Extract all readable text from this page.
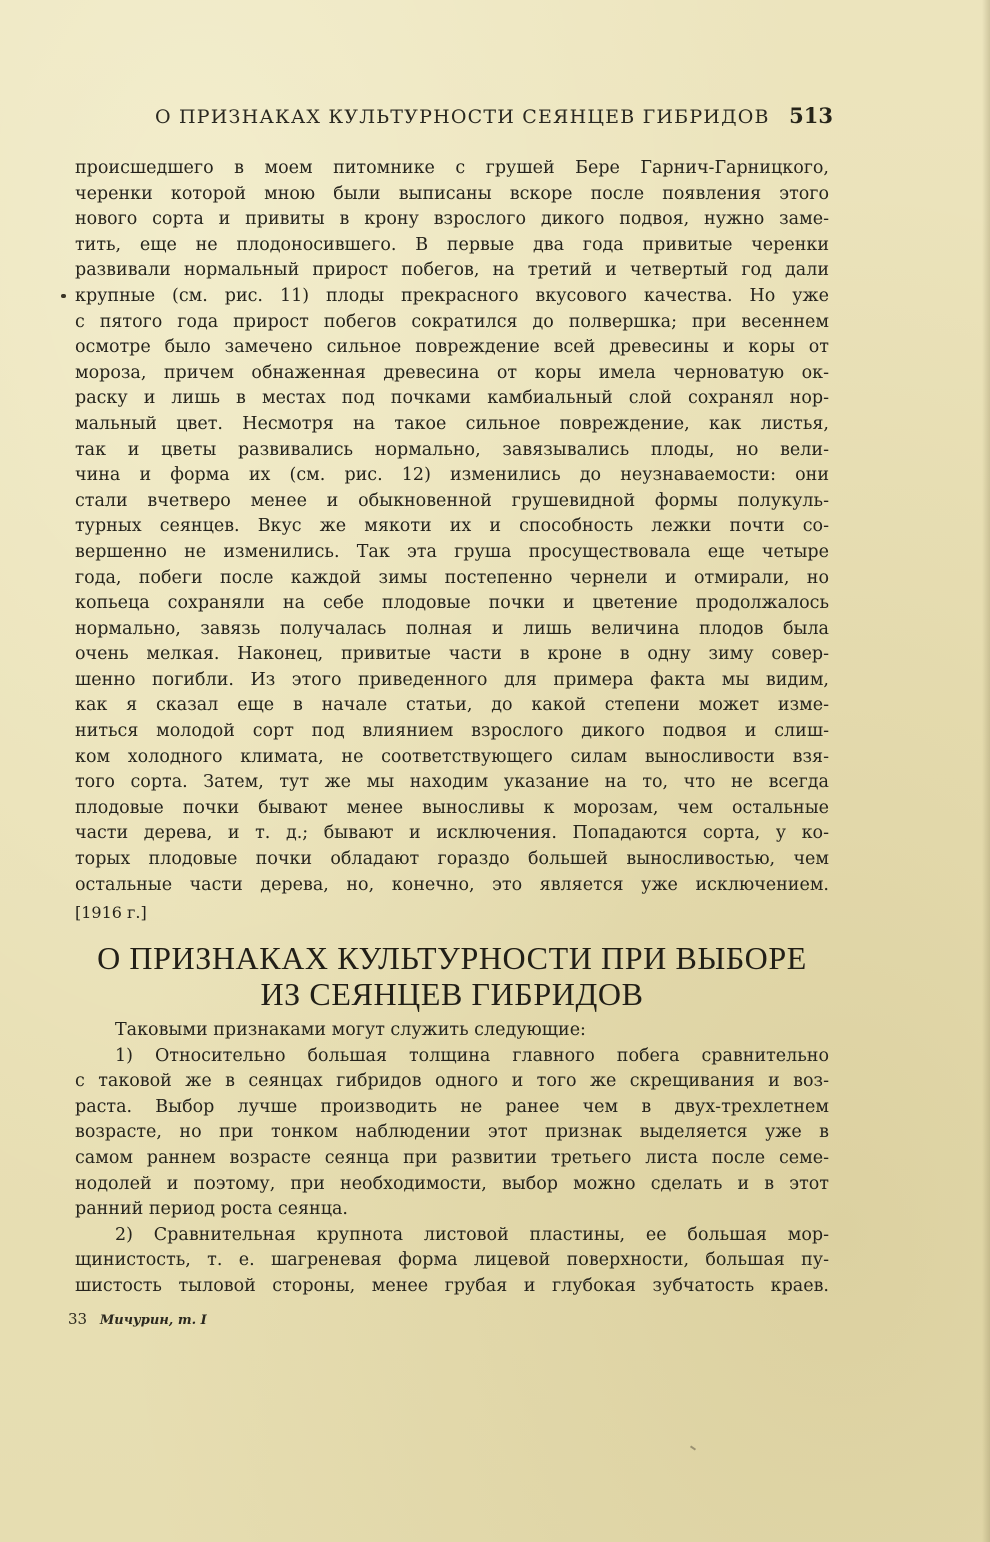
О ПРИЗНАКАХ КУЛЬТУРНОСТИ СЕЯНЦЕВ ГИБРИДОВ 513
происшедшего в моем питомнике с грушей Бере Гарнич-Гарницкого,
черенки которой мною были выписаны вскоре после появления этого
нового сорта и привиты в крону взрослого дикого подвоя, нужно заме-
тить, еще не плодоносившего. В первые два года привитые черенки
развивали нормальный прирост побегов, на третий и четвертый год дали
крупные (см. рис. 11) плоды прекрасного вкусового качества. Но уже
с пятого года прирост побегов сократился до полвершка; при весеннем
осмотре было замечено сильное повреждение всей древесины и коры от
мороза, причем обнаженная древесина от коры имела черноватую ок-
раску и лишь в местах под почками камбиальный слой сохранял нор-
мальный цвет. Несмотря на такое сильное повреждение, как листья,
так и цветы развивались нормально, завязывались плоды, но вели-
чина и форма их (см. рис. 12) изменились до неузнаваемости: они
стали вчетверо менее и обыкновенной грушевидной формы полукуль-
турных сеянцев. Вкус же мякоти их и способность лежки почти со-
вершенно не изменились. Так эта груша просуществовала еще четыре
года, побеги после каждой зимы постепенно чернели и отмирали, но
копьеца сохраняли на себе плодовые почки и цветение продолжалось
нормально, завязь получалась полная и лишь величина плодов была
очень мелкая. Наконец, привитые части в кроне в одну зиму совер-
шенно погибли. Из этого приведенного для примера факта мы видим,
как я сказал еще в начале статьи, до какой степени может изме-
ниться молодой сорт под влиянием взрослого дикого подвоя и слиш-
ком холодного климата, не соответствующего силам выносливости взя-
того сорта. Затем, тут же мы находим указание на то, что не всегда
плодовые почки бывают менее выносливы к морозам, чем остальные
части дерева, и т. д.; бывают и исключения. Попадаются сорта, у ко-
торых плодовые почки обладают гораздо большей выносливостью, чем
остальные части дерева, но, конечно, это является уже исключением.
[1916 г.]
О ПРИЗНАКАХ КУЛЬТУРНОСТИ ПРИ ВЫБОРЕ
ИЗ СЕЯНЦЕВ ГИБРИДОВ
Таковыми признаками могут служить следующие:
1) Относительно большая толщина главного побега сравнительно
с таковой же в сеянцах гибридов одного и того же скрещивания и воз-
раста. Выбор лучше производить не ранее чем в двух-трехлетнем
возрасте, но при тонком наблюдении этот признак выделяется уже в
самом раннем возрасте сеянца при развитии третьего листа после семе-
нодолей и поэтому, при необходимости, выбор можно сделать и в этот
ранний период роста сеянца.
2) Сравнительная крупнота листовой пластины, ее большая мор-
щинистость, т. е. шагреневая форма лицевой поверхности, большая пу-
шистость тыловой стороны, менее грубая и глубокая зубчатость краев.
33 Мичурин, т. I
